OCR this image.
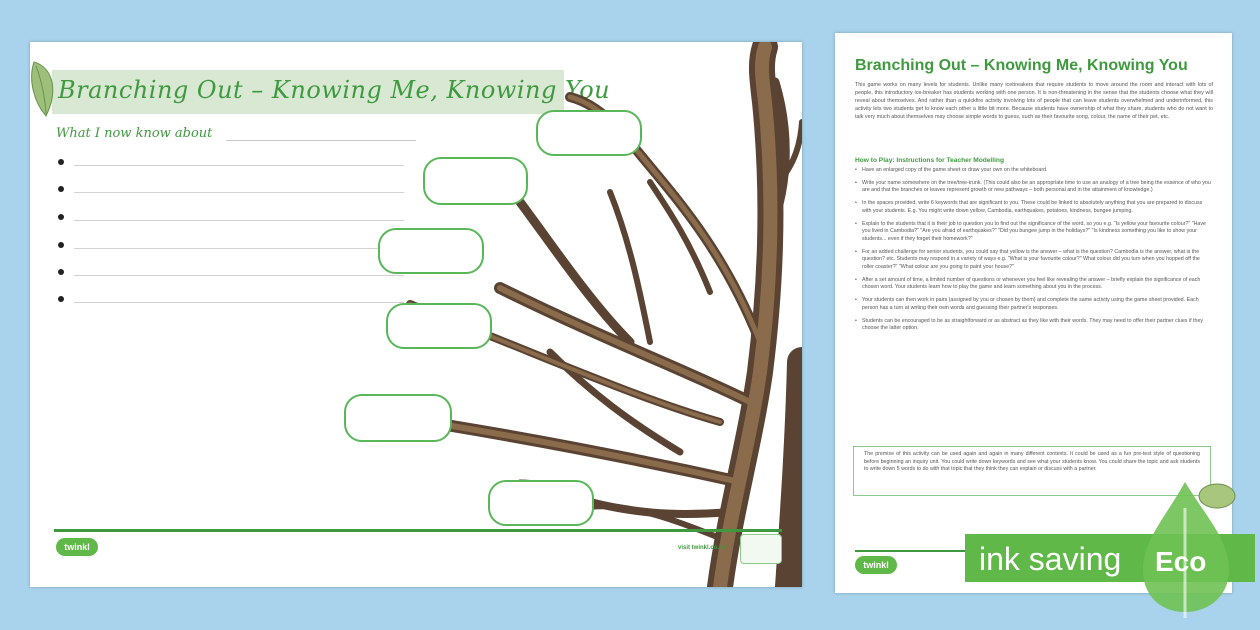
Branching Out – Knowing Me, Knowing You
What I now know about
twinkl	visit twinkl.co.nz
Branching Out – Knowing Me, Knowing You
This game works on many levels for students. Unlike many icebreakers that require students to move around the room and interact with lots of people, this introductory ice-breaker has students working with one person. It is non-threatening in the sense that the students choose what they will reveal about themselves. And rather than a quickfire activity involving lots of people that can leave students overwhelmed and underinformed, this activity lets two students get to know each other a little bit more. Because students have ownership of what they share, students who do not want to talk very much about themselves may choose simple words to guess, such as their favourite song, colour, the name of their pet, etc.
How to Play: Instructions for Teacher Modelling
• Have an enlarged copy of the game sheet or draw your own on the whiteboard.
• Write your name somewhere on the tree/tree-trunk. (This could also be an appropriate time to use an analogy of a tree being the essence of who you are and that the branches or leaves represent growth or new pathways – both personal and in the attainment of knowledge.)
• In the spaces provided, write 6 keywords that are significant to you. These could be linked to absolutely anything that you are prepared to discuss with your students. E.g. You might write down yellow, Cambodia, earthquakes, potatoes, kindness, bungee jumping.
• Explain to the students that it is their job to question you to find out the significance of the word, so you e.g. "Is yellow your favourite colour?" "Have you lived in Cambodia?" "Are you afraid of earthquakes?" "Did you bungee jump in the holidays?" "Is kindness something you like to show your students... even if they forget their homework?"
• For an added challenge for senior students, you could say that yellow is the answer – what is the question? Cambodia is the answer, what is the question? etc. Students may respond in a variety of ways e.g. "What is your favourite colour?" What colour did you turn when you hopped off the roller coaster?" "What colour are you going to paint your house?"
• After a set amount of time, a limited number of questions or whenever you feel like revealing the answer – briefly explain the significance of each chosen word. Your students learn how to play the game and learn something about you in the process.
• Your students can then work in pairs (assigned by you or chosen by them) and complete the same activity using the game sheet provided. Each person has a turn at writing their own words and guessing their partner's responses.
• Students can be encouraged to be as straightforward or as abstract as they like with their words. They may need to offer their partner clues if they choose the latter option.
The premise of this activity can be used again and again in many different contexts. It could be used as a fun pre-test style of questioning before beginning an inquiry unit. You could write down keywords and see what your students know. You could share the topic and ask students to write down 5 words to do with that topic that they think they can explain or discuss with a partner.
twinkl	ink saving Eco
